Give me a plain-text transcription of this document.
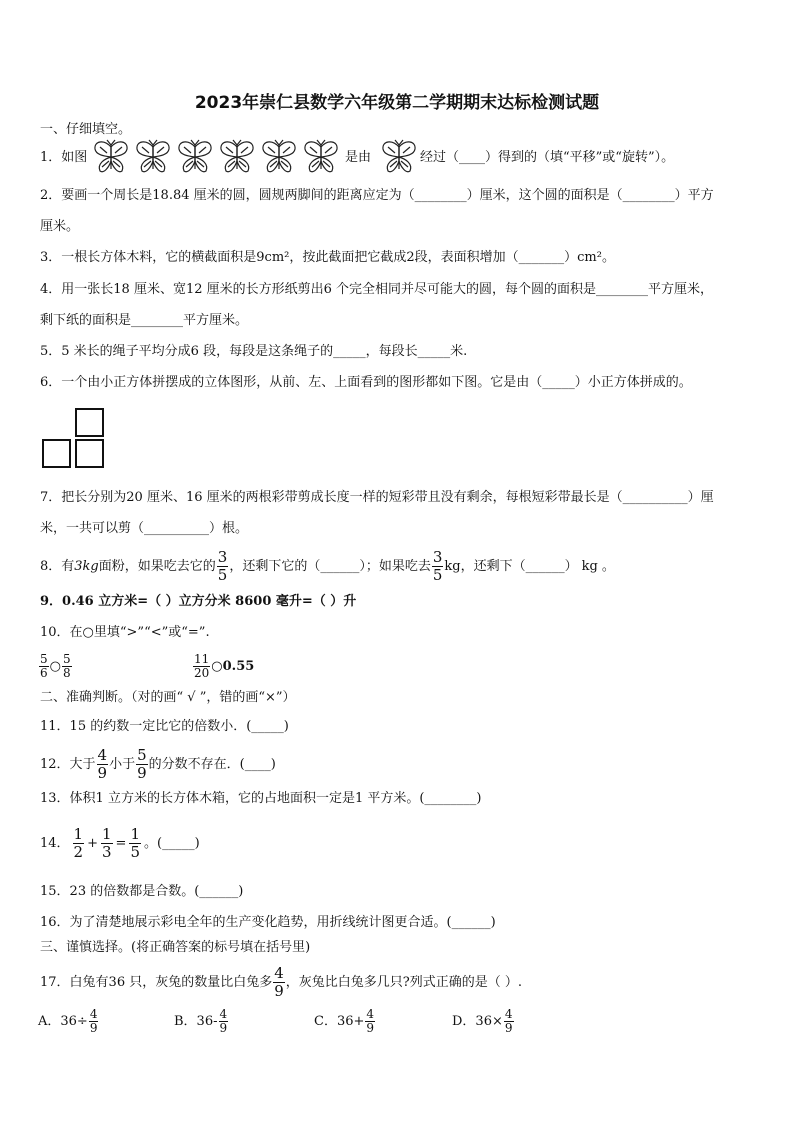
2023年崇仁县数学六年级第二学期期末达标检测试题
一、仔细填空。
1．如图	是由	经过（____）得到的（填“平移”或“旋转”）。
2．要画一个周长是18.84 厘米的圆，圆规两脚间的距离应定为（________）厘米，这个圆的面积是（________）平方
厘米。
3．一根长方体木料，它的横截面积是9cm²，按此截面把它截成2段，表面积增加（_______）cm²。
4．用一张长18 厘米、宽12 厘米的长方形纸剪出6 个完全相同并尽可能大的圆，每个圆的面积是________平方厘米，
剩下纸的面积是________平方厘米。
5．5 米长的绳子平均分成6 段，每段是这条绳子的_____，每段长_____米.
6．一个由小正方体拼摆成的立体图形，从前、左、上面看到的图形都如下图。它是由（_____）小正方体拼成的。
7．把长分别为20 厘米、16 厘米的两根彩带剪成长度一样的短彩带且没有剩余，每根短彩带最长是（__________）厘
米，一共可以剪（__________）根。
8．有3kg面粉，如果吃去它的 $\frac{3}{5}$ ，还剩下它的（______）；如果吃去 $\frac{3}{5}$ kg，还剩下（______） kg 。
9．0.46 立方米=（ ）立方分米 8600 毫升=（ ）升
10．在○里填“>”“<”或“=”.
$\frac{5}{6}$ ○ $\frac{5}{8}$	$\frac{11}{20}$ ○0.55
二、准确判断。（对的画“ √ ”，错的画“×”）
11．15 的约数一定比它的倍数小．(_____)
12．大于 $\frac{4}{9}$ 小于 $\frac{5}{9}$ 的分数不存在．(____)
13．体积1 立方米的长方体木箱，它的占地面积一定是1 平方米。(________)
14． $\frac{1}{2} + \frac{1}{3} = \frac{1}{5}$ 。(_____)
15．23 的倍数都是合数。(______)
16．为了清楚地展示彩电全年的生产变化趋势，用折线统计图更合适。(______)
三、谨慎选择。(将正确答案的标号填在括号里)
17．白兔有36 只，灰兔的数量比白兔多 $\frac{4}{9}$ ，灰兔比白兔多几只?列式正确的是（ ）.
A．$36\div \frac{4}{9}$	B．$36- \frac{4}{9}$	C．$36+ \frac{4}{9}$	D．$36\times \frac{4}{9}$
